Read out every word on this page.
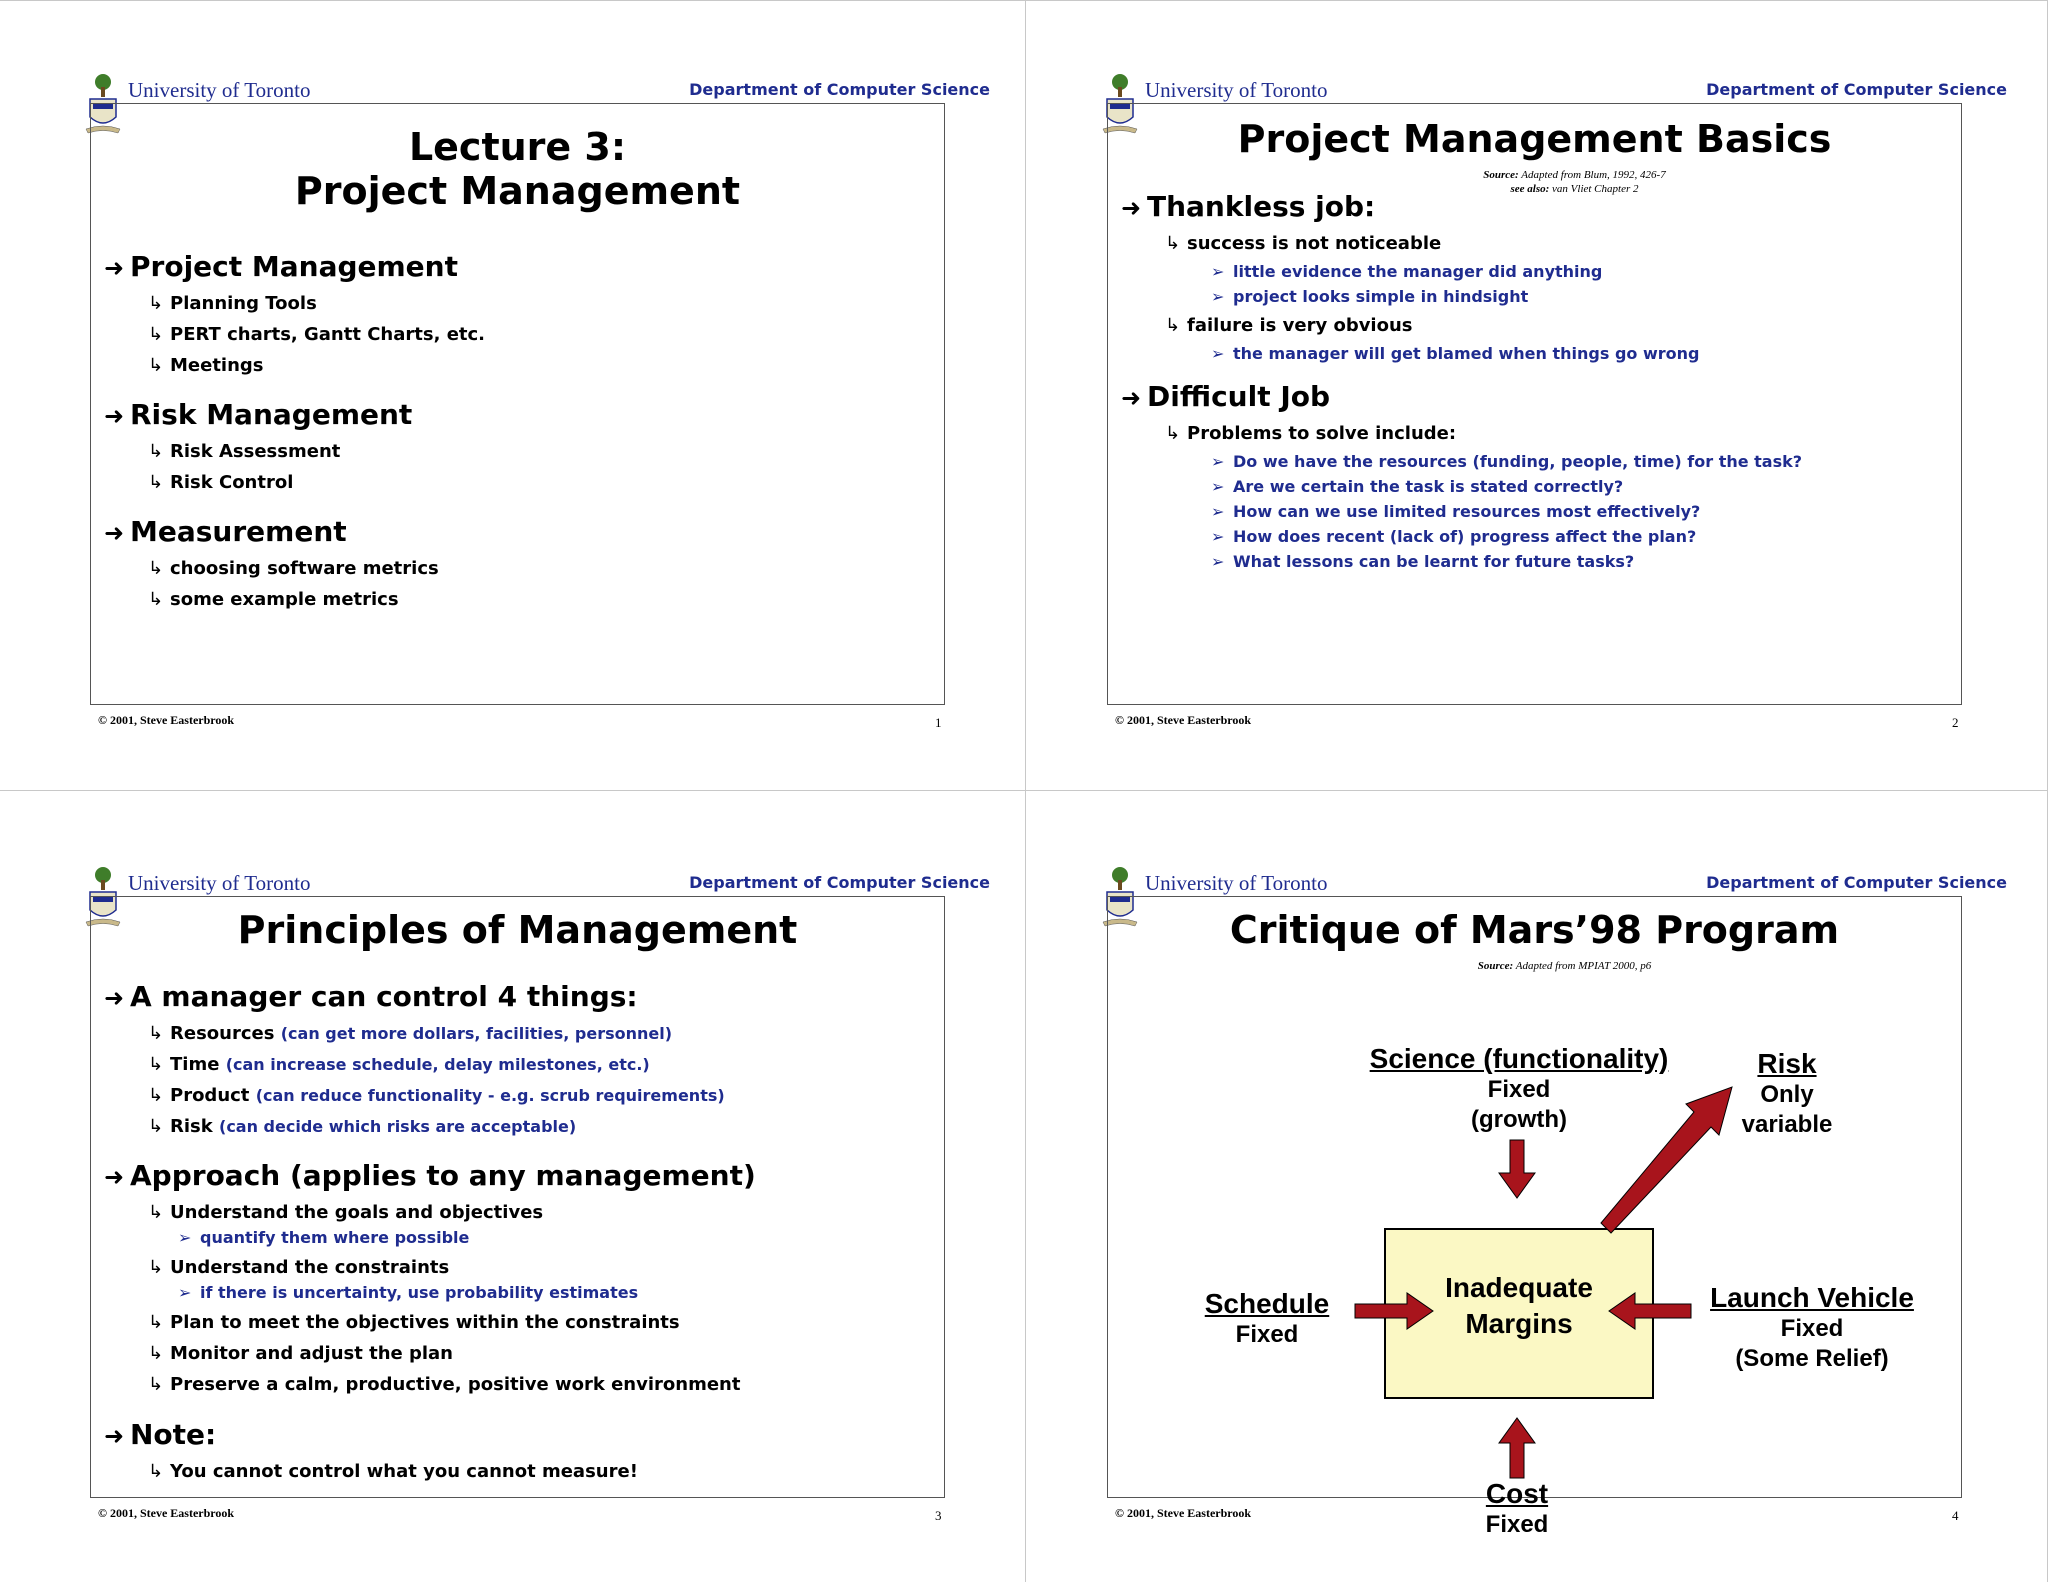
University of Toronto	Department of Computer Science
Lecture 3:
Project Management
➜ Project Management
↳ Planning Tools
↳ PERT charts, Gantt Charts, etc.
↳ Meetings
➜ Risk Management
↳ Risk Assessment
↳ Risk Control
➜ Measurement
↳ choosing software metrics
↳ some example metrics
© 2001, Steve Easterbrook	1
University of Toronto	Department of Computer Science
Project Management Basics
Source: Adapted from Blum, 1992, 426-7
see also: van Vliet Chapter 2
➜ Thankless job:
↳ success is not noticeable
➢ little evidence the manager did anything
➢ project looks simple in hindsight
↳ failure is very obvious
➢ the manager will get blamed when things go wrong
➜ Difficult Job
↳ Problems to solve include:
➢ Do we have the resources (funding, people, time) for the task?
➢ Are we certain the task is stated correctly?
➢ How can we use limited resources most effectively?
➢ How does recent (lack of) progress affect the plan?
➢ What lessons can be learnt for future tasks?
© 2001, Steve Easterbrook	2
University of Toronto	Department of Computer Science
Principles of Management
➜ A manager can control 4 things:
↳ Resources (can get more dollars, facilities, personnel)
↳ Time (can increase schedule, delay milestones, etc.)
↳ Product (can reduce functionality - e.g. scrub requirements)
↳ Risk (can decide which risks are acceptable)
➜ Approach (applies to any management)
↳ Understand the goals and objectives
➢ quantify them where possible
↳ Understand the constraints
➢ if there is uncertainty, use probability estimates
↳ Plan to meet the objectives within the constraints
↳ Monitor and adjust the plan
↳ Preserve a calm, productive, positive work environment
➜ Note:
↳ You cannot control what you cannot measure!
© 2001, Steve Easterbrook	3
University of Toronto	Department of Computer Science
Critique of Mars’98 Program
Source: Adapted from MPIAT 2000, p6
Inadequate
Margins
Science (functionality)
Fixed
(growth)
Risk
Only
variable
Schedule
Fixed
Launch Vehicle
Fixed
(Some Relief)
Cost
Fixed
© 2001, Steve Easterbrook	4
